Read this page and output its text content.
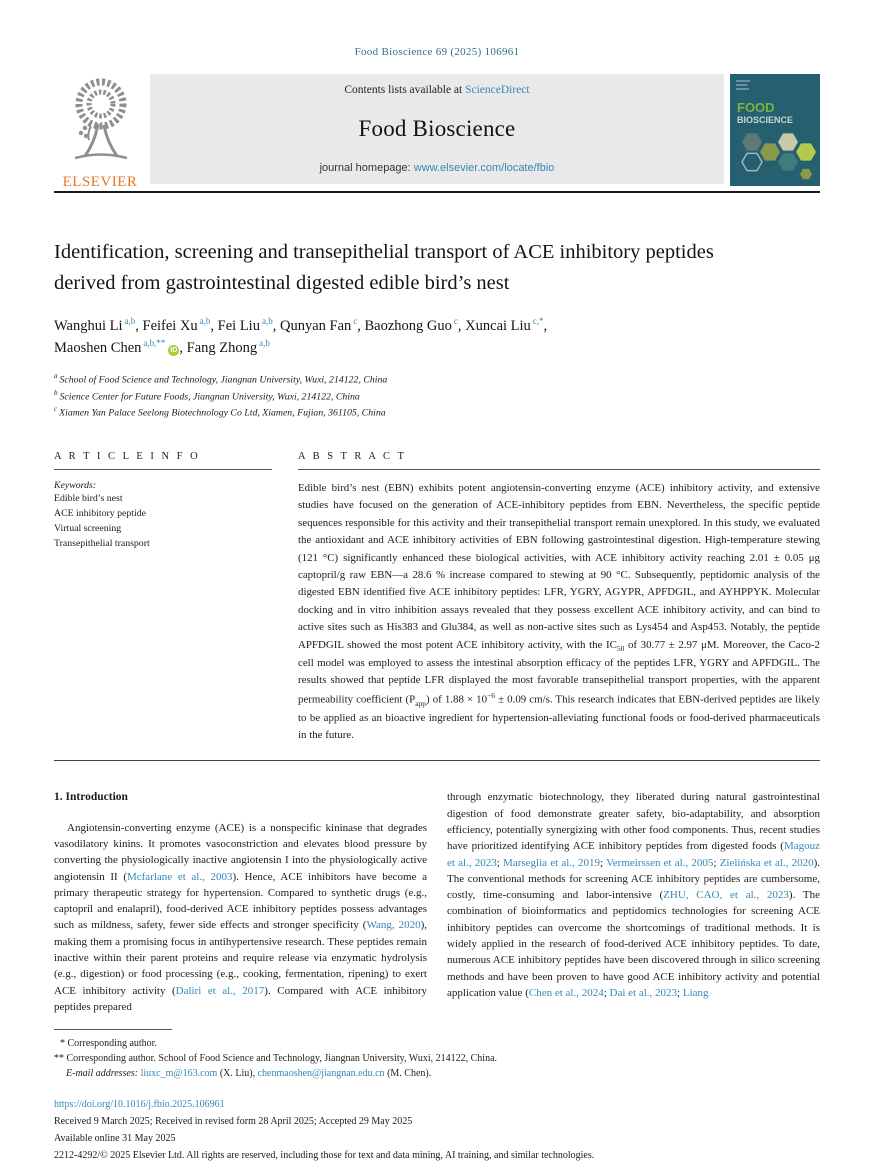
Food Bioscience 69 (2025) 106961
ELSEVIER
Contents lists available at ScienceDirect
Food Bioscience
journal homepage: www.elsevier.com/locate/fbio
FOOD
BIOSCIENCE
Identification, screening and transepithelial transport of ACE inhibitory peptides derived from gastrointestinal digested edible bird’s nest
Wanghui Li $^{a,b}$, Feifei Xu $^{a,b}$, Fei Liu $^{a,b}$, Qunyan Fan $^c$, Baozhong Guo $^c$, Xuncai Liu $^{c,*}$,
Maoshen Chen $^{a,b,**}$iD , Fang Zhong $^{a,b}$
$^a$ School of Food Science and Technology, Jiangnan University, Wuxi, 214122, China
$^b$ Science Center for Future Foods, Jiangnan University, Wuxi, 214122, China
$^c$ Xiamen Yan Palace Seelong Biotechnology Co Ltd, Xiamen, Fujian, 361105, China
A R T I C L E I N F O
Keywords:
Edible bird’s nest
ACE inhibitory peptide
Virtual screening
Transepithelial transport
A B S T R A C T
Edible bird’s nest (EBN) exhibits potent angiotensin-converting enzyme (ACE) inhibitory activity, and extensive studies have focused on the generation of ACE-inhibitory peptides from EBN. Nevertheless, the specific peptide sequences responsible for this activity and their transepithelial transport remain unexplored. In this study, we evaluated the antioxidant and ACE inhibitory activities of EBN following gastrointestinal digestion. High-temperature stewing (121 °C) significantly enhanced these biological activities, with ACE inhibitory activity reaching 2.01 ± 0.05 μg captopril/g raw EBN—a 28.6 % increase compared to stewing at 90 °C. Subsequently, peptidomic analysis of the digested EBN identified five ACE inhibitory peptides: LFR, YGRY, AGYPR, APFDGIL, and AYHPPYK. Molecular docking and in vitro inhibition assays revealed that they possess excellent ACE inhibitory activity, and can bind to active sites such as His383 and Glu384, as well as non-active sites such as Lys454 and Asp453. Notably, the peptide APFDGIL showed the most potent ACE inhibitory activity, with the $IC_{50}$ of 30.77 ± 2.97 μM. Moreover, the Caco-2 cell model was employed to assess the intestinal absorption efficacy of the peptides LFR, YGRY and APFDGIL. The results showed that peptide LFR displayed the most favorable transepithelial transport properties, with the apparent permeability coefficient $(P_{app})$ of $1.88 \times 10^{-6} \pm 0.09$ cm/s. This research indicates that EBN-derived peptides are likely to be applied as an bioactive ingredient for hypertension-alleviating functional foods or food-derived pharmaceuticals in the future.
1. Introduction
Angiotensin-converting enzyme (ACE) is a nonspecific kininase that degrades vasodilatory kinins. It promotes vasoconstriction and elevates blood pressure by converting the physiologically inactive angiotensin I into the physiologically active angiotensin II (Mcfarlane et al., 2003). Hence, ACE inhibitors have become a primary therapeutic strategy for hypertension. Compared to synthetic drugs (e.g., captopril and enalapril), food-derived ACE inhibitory peptides possess advantages such as mildness, safety, fewer side effects and stronger specificity (Wang, 2020), making them a promising focus in antihypertensive research. These peptides remain inactive within their parent proteins and require release via enzymatic hydrolysis (e.g., digestion) or food processing (e.g., cooking, fermentation, ripening) to exert ACE inhibitory activity (Daliri et al., 2017). Compared with ACE inhibitory peptides prepared
through enzymatic biotechnology, they liberated during natural gastrointestinal digestion of food demonstrate greater safety, bio-adaptability, and absorption efficiency, potentially synergizing with other food components. Thus, recent studies have prioritized identifying ACE inhibitory peptides from digested foods (Magouz et al., 2023; Marseglia et al., 2019; Vermeirssen et al., 2005; Zielińska et al., 2020). The conventional methods for screening ACE inhibitory peptides are cumbersome, costly, time-consuming and labor-intensive (ZHU, CAO, et al., 2023). The combination of bioinformatics and peptidomics technologies for screening ACE inhibitory peptides can overcome the shortcomings of traditional methods. It is widely applied in the research of food-derived ACE inhibitory peptides. To date, numerous ACE inhibitory peptides have been discovered through in silico screening methods and have been proven to have good ACE inhibitory activity and potential application value (Chen et al., 2024; Dai et al., 2023; Liang
* Corresponding author.
** Corresponding author. School of Food Science and Technology, Jiangnan University, Wuxi, 214122, China.
E-mail addresses: liuxc_m@163.com (X. Liu), chenmaoshen@jiangnan.edu.cn (M. Chen).
https://doi.org/10.1016/j.fbio.2025.106961
Received 9 March 2025; Received in revised form 28 April 2025; Accepted 29 May 2025
Available online 31 May 2025
2212-4292/© 2025 Elsevier Ltd. All rights are reserved, including those for text and data mining, AI training, and similar technologies.
